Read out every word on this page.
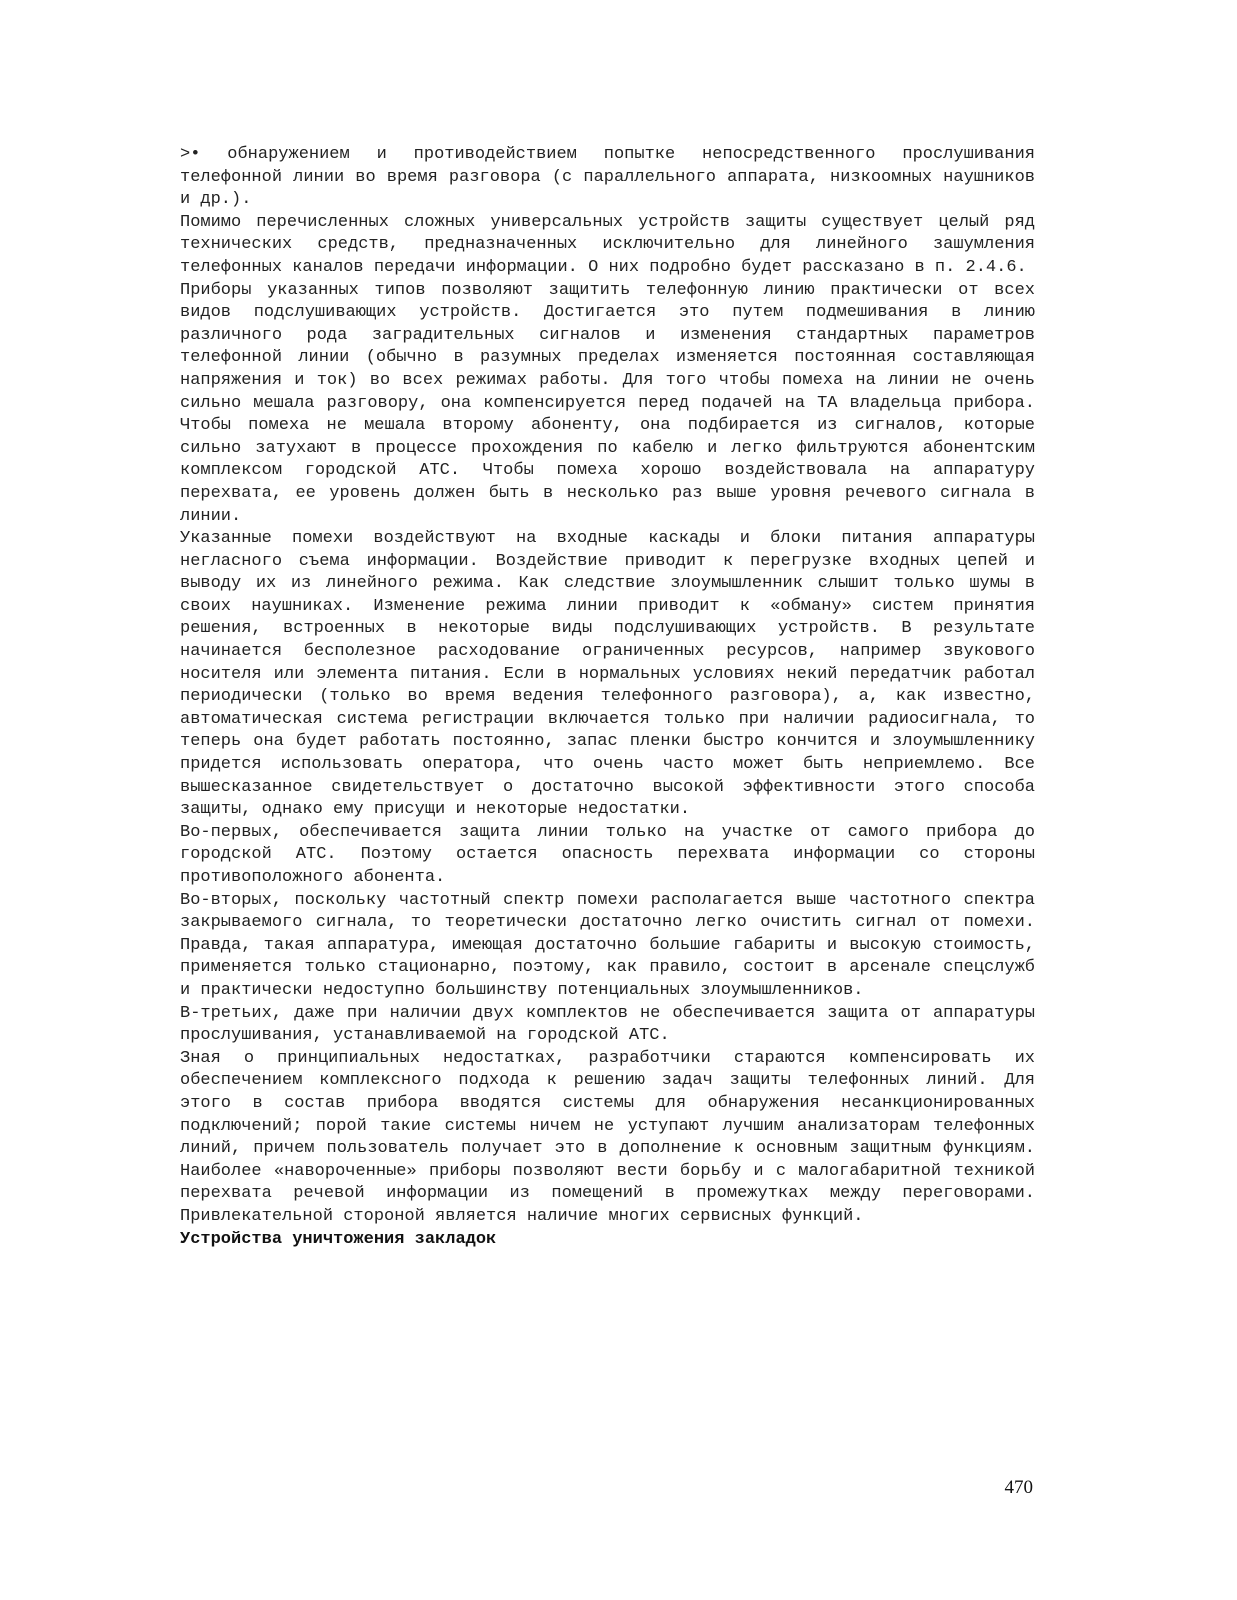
>• обнаружением и противодействием попытке непосредственного прослушивания телефонной линии во время разговора (с параллельного аппарата, низкоомных наушников и др.).

Помимо перечисленных сложных универсальных устройств защиты существует целый ряд технических средств, предназначенных исключительно для линейного зашумления телефонных каналов передачи информации. О них подробно будет рассказано в п. 2.4.6.

Приборы указанных типов позволяют защитить телефонную линию практически от всех видов подслушивающих устройств. Достигается это путем подмешивания в линию различного рода заградительных сигналов и изменения стандартных параметров телефонной линии (обычно в разумных пределах изменяется постоянная составляющая напряжения и ток) во всех режимах работы. Для того чтобы помеха на линии не очень сильно мешала разговору, она компенсируется перед подачей на ТА владельца прибора. Чтобы помеха не мешала второму абоненту, она подбирается из сигналов, которые сильно затухают в процессе прохождения по кабелю и легко фильтруются абонентским комплексом городской АТС. Чтобы помеха хорошо воздействовала на аппаратуру перехвата, ее уровень должен быть в несколько раз выше уровня речевого сигнала в линии.

Указанные помехи воздействуют на входные каскады и блоки питания аппаратуры негласного съема информации. Воздействие приводит к перегрузке входных цепей и выводу их из линейного режима. Как следствие злоумышленник слышит только шумы в своих наушниках. Изменение режима линии приводит к «обману» систем принятия решения, встроенных в некоторые виды подслушивающих устройств. В результате начинается бесполезное расходование ограниченных ресурсов, например звукового носителя или элемента питания. Если в нормальных условиях некий передатчик работал периодически (только во время ведения телефонного разговора), а, как известно, автоматическая система регистрации включается только при наличии радиосигнала, то теперь она будет работать постоянно, запас пленки быстро кончится и злоумышленнику придется использовать оператора, что очень часто может быть неприемлемо. Все вышесказанное свидетельствует о достаточно высокой эффективности этого способа защиты, однако ему присущи и некоторые недостатки.

Во-первых, обеспечивается защита линии только на участке от самого прибора до городской АТС. Поэтому остается опасность перехвата информации со стороны противоположного абонента.

Во-вторых, поскольку частотный спектр помехи располагается выше частотного спектра закрываемого сигнала, то теоретически достаточно легко очистить сигнал от помехи. Правда, такая аппаратура, имеющая достаточно большие габариты и высокую стоимость, применяется только стационарно, поэтому, как правило, состоит в арсенале спецслужб и практически недоступно большинству потенциальных злоумышленников.

В-третьих, даже при наличии двух комплектов не обеспечивается защита от аппаратуры прослушивания, устанавливаемой на городской АТС.

Зная о принципиальных недостатках, разработчики стараются компенсировать их обеспечением комплексного подхода к решению задач защиты телефонных линий. Для этого в состав прибора вводятся системы для обнаружения несанкционированных подключений; порой такие системы ничем не уступают лучшим анализаторам телефонных линий, причем пользователь получает это в дополнение к основным защитным функциям. Наиболее «навороченные» приборы позволяют вести борьбу и с малогабаритной техникой перехвата речевой информации из помещений в промежутках между переговорами. Привлекательной стороной является наличие многих сервисных функций.

Устройства уничтожения закладок
470
